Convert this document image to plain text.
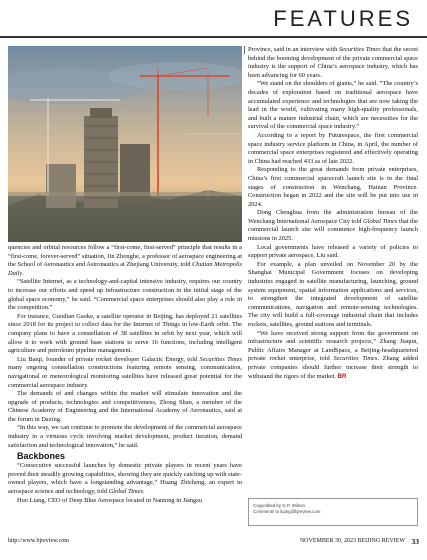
FEATURES

quencies and orbital resources follow a “first-come, first-served” principle that results in a “first-come, forever-served” situation, Jin Zhonghe, a professor of aerospace engineering at the School of Aeronautics and Astronautics at Zhejiang University, told Chutian Metropolis Daily.

“Satellite Internet, as a technology-and-capital intensive industry, requires our country to increase our efforts and speed up infrastructure construction in the initial stage of the global space economy,” he said. “Commercial space enterprises should also play a role in the competition.”

For instance, Guodian Gaoke, a satellite operator in Beijing, has deployed 21 satellites since 2018 for its project to collect data for the Internet of Things in low-Earth orbit. The company plans to have a constellation of 38 satellites in orbit by next year, which will allow it to work with ground base stations to serve 16 functions, including intelligent agriculture and petroleum pipeline management.

Liu Baiqi, founder of private rocket developer Galactic Energy, told Securities Times many ongoing constellation constructions featuring remote sensing, communication, navigational or meteorological monitoring satellites have released great potential for the commercial aerospace industry.

The demands of and changes within the market will stimulate innovation and the upgrade of products, technologies and competitiveness, Zhong Shan, a member of the Chinese Academy of Engineering and the International Academy of Aeronautics, said at the forum in Daxing.

“In this way, we can continue to promote the development of the commercial aerospace industry in a virtuous cycle involving market development, product iteration, demand satisfaction and technological innovation,” he said.

Backbones

“Consecutive successful launches by domestic private players in recent years have proved their steadily growing capabilities, showing they are quickly catching up with state-owned players, which have a longstanding advantage,” Huang Zhicheng, an expert in aerospace science and technology, told Global Times.

Huo Liang, CEO of Deep Blue Aerospace located in Nantong in Jiangsu

Province, said in an interview with Securities Times that the secret behind the booming development of the private commercial space industry is the support of China’s aerospace industry, which has been advancing for 60 years.

“We stand on the shoulders of giants,” he said. “The country’s decades of exploration based on traditional aerospace have accumulated experience and technologies that are now taking the lead in the world, cultivating many high-quality professionals, and built a mature industrial chain, which are necessities for the survival of the commercial space industry.”

According to a report by Futurespace, the first commercial space industry service platform in China, in April, the number of commercial space enterprises registered and effectively operating in China had reached 433 as of late 2022.

Responding to the great demands from private enterprises, China’s first commercial spacecraft launch site is in the final stages of construction in Wenchang, Hainan Province. Construction began in 2022 and the site will be put into use in 2024.

Dong Chenghua from the administration bureau of the Wenchang International Aerospace City told Global Times that the commercial launch site will commence high-frequency launch missions in 2025.

Local governments have released a variety of policies to support private aerospace, Liu said.

For example, a plan unveiled on November 20 by the Shanghai Municipal Government focuses on developing industries engaged in satellite manufacturing, launching, ground system equipment, spatial information applications and services, to strengthen the integrated development of satellite communications, navigation and remote-sensing technologies. The city will build a full-coverage industrial chain that includes rockets, satellites, ground stations and terminals.

“We have received strong support from the government on infrastructure and scientific research projects,” Zhang Jiaqun, Public Affairs Manager at LandSpace, a Beijing-headquartered private rocket enterprise, told Securities Times. Zhang added private companies should further increase their strength to withstand the rigors of the market. BR

Copyedited by G.P. Wilson
Comments to liqing@bjreview.com
http://www.bjreview.com	NOVEMBER 30, 2023 BEIJING REVIEW 33
